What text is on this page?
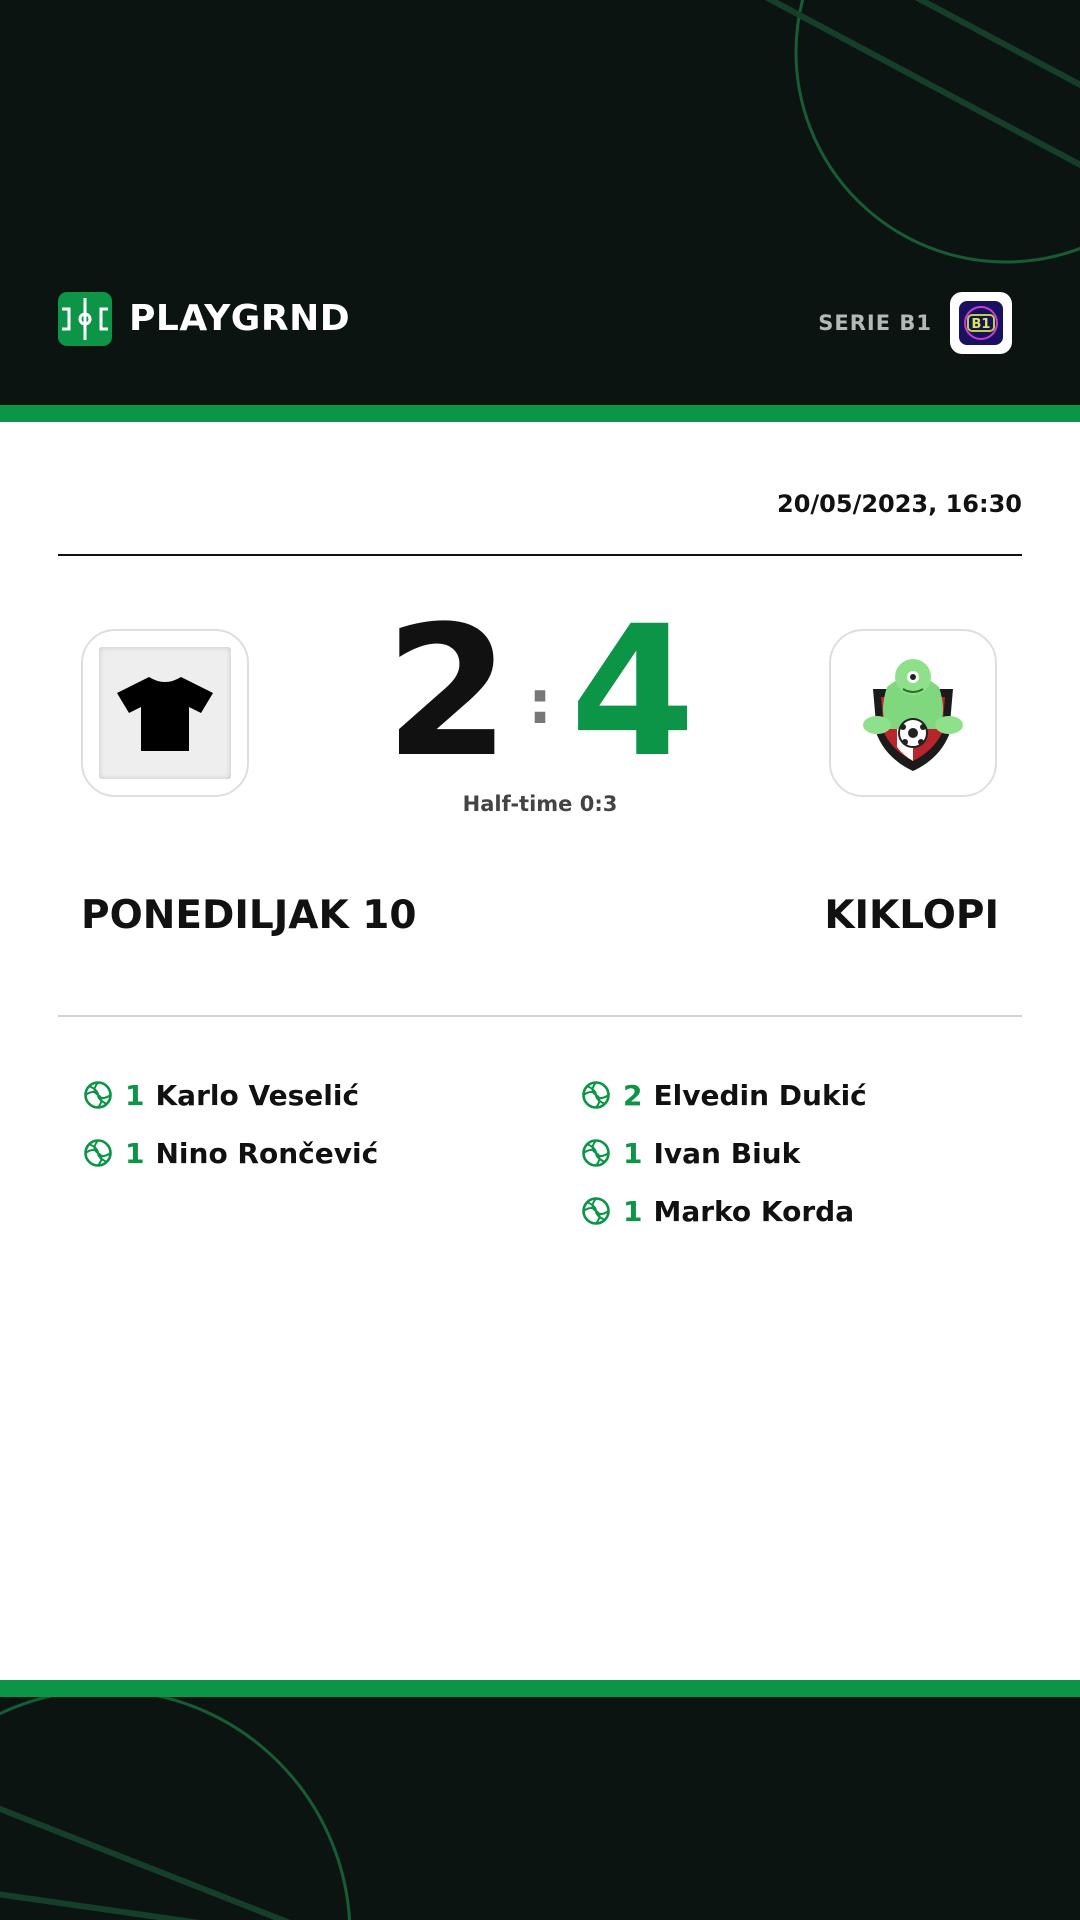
PLAYGRND	SERIE B1	B1
20/05/2023, 16:30
2 : 4
Half-time 0:3
PONEDILJAK 10	KIKLOPI
1 Karlo Veselić
1 Nino Rončević
2 Elvedin Dukić
1 Ivan Biuk
1 Marko Korda
